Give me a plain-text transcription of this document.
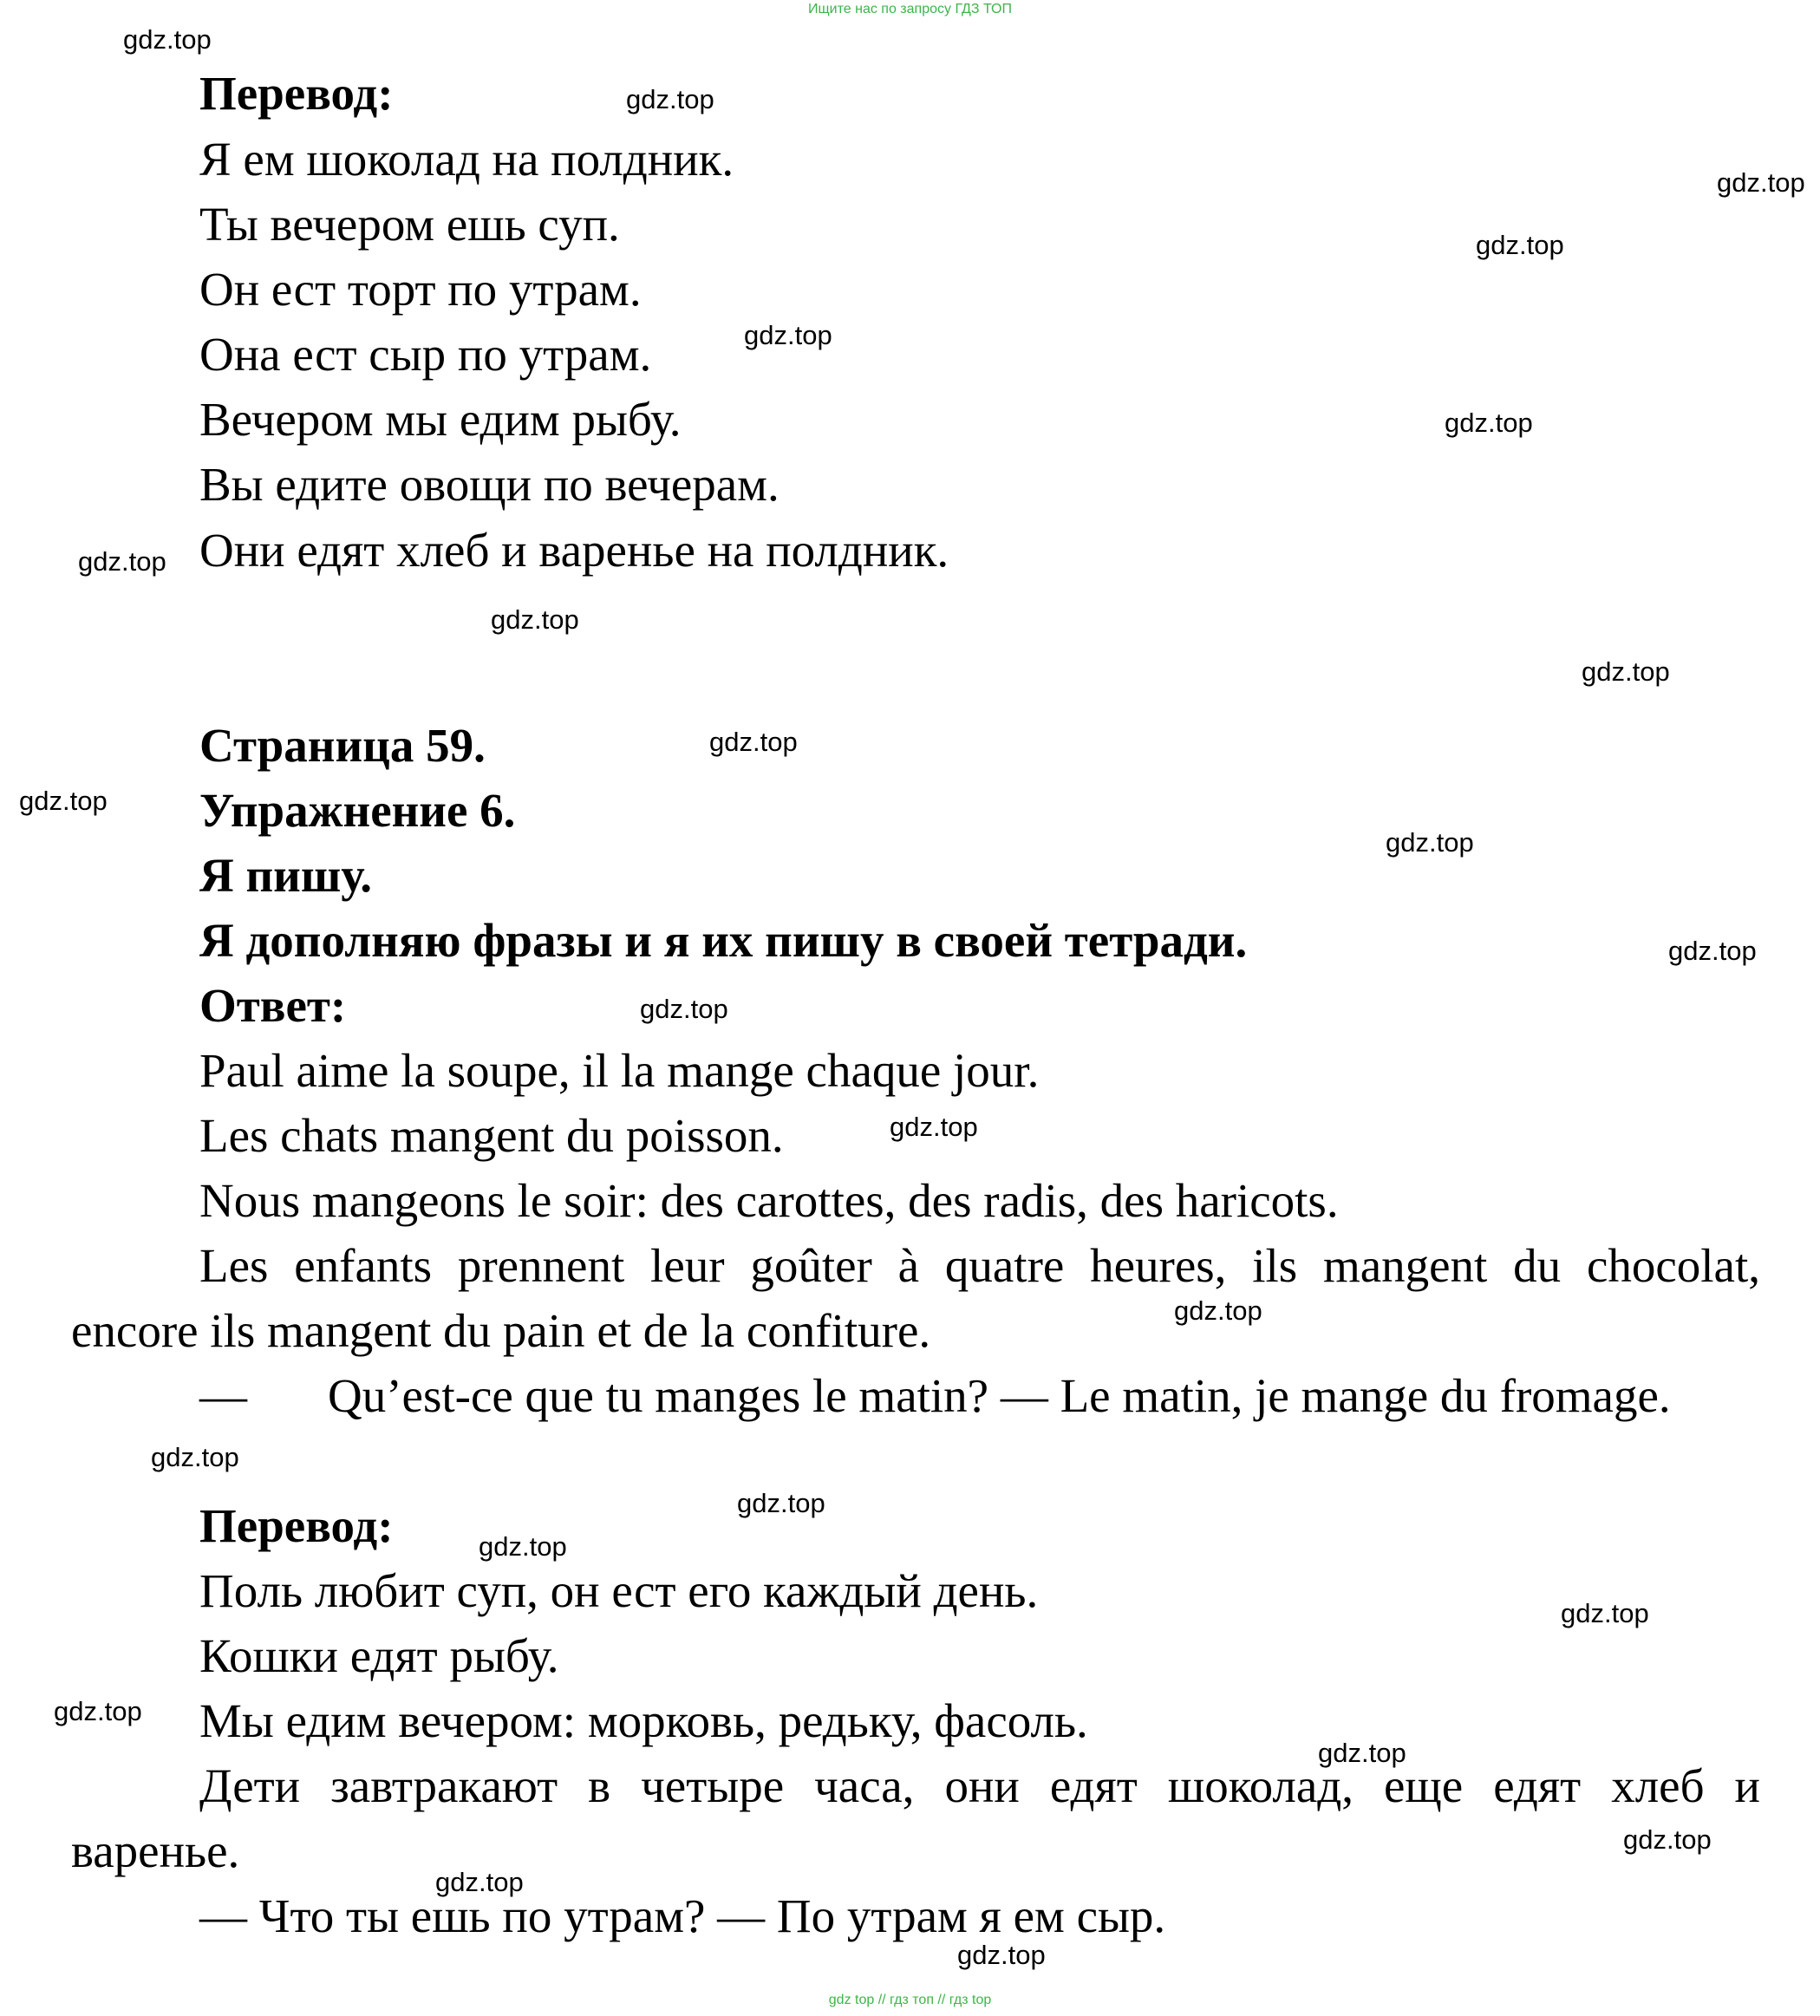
Ищите нас по запросу ГДЗ ТОП
Перевод:
Я ем шоколад на полдник.
Ты вечером ешь суп.
Он ест торт по утрам.
Она ест сыр по утрам.
Вечером мы едим рыбу.
Вы едите овощи по вечерам.
Они едят хлеб и варенье на полдник.
Страница 59.
Упражнение 6.
Я пишу.
Я дополняю фразы и я их пишу в своей тетради.
Ответ:
Paul aime la soupe, il la mange chaque jour.
Les chats mangent du poisson.
Nous mangeons le soir: des carottes, des radis, des haricots.
Les enfants prennent leur goûter à quatre heures, ils mangent du chocolat,
encore ils mangent du pain et de la confiture.
— Qu’est-ce que tu manges le matin? — Le matin, je mange du fromage.
Перевод:
Поль любит суп, он ест его каждый день.
Кошки едят рыбу.
Мы едим вечером: морковь, редьку, фасоль.
Дети завтракают в четыре часа, они едят шоколад, еще едят хлеб и
варенье.
— Что ты ешь по утрам? — По утрам я ем сыр.
gdz.top
gdz.top
gdz.top
gdz.top
gdz.top
gdz.top
gdz.top
gdz.top
gdz.top
gdz.top
gdz.top
gdz.top
gdz.top
gdz.top
gdz.top
gdz.top
gdz.top
gdz.top
gdz.top
gdz.top
gdz.top
gdz.top
gdz.top
gdz.top
gdz.top
gdz top // гдз топ // гдз top
